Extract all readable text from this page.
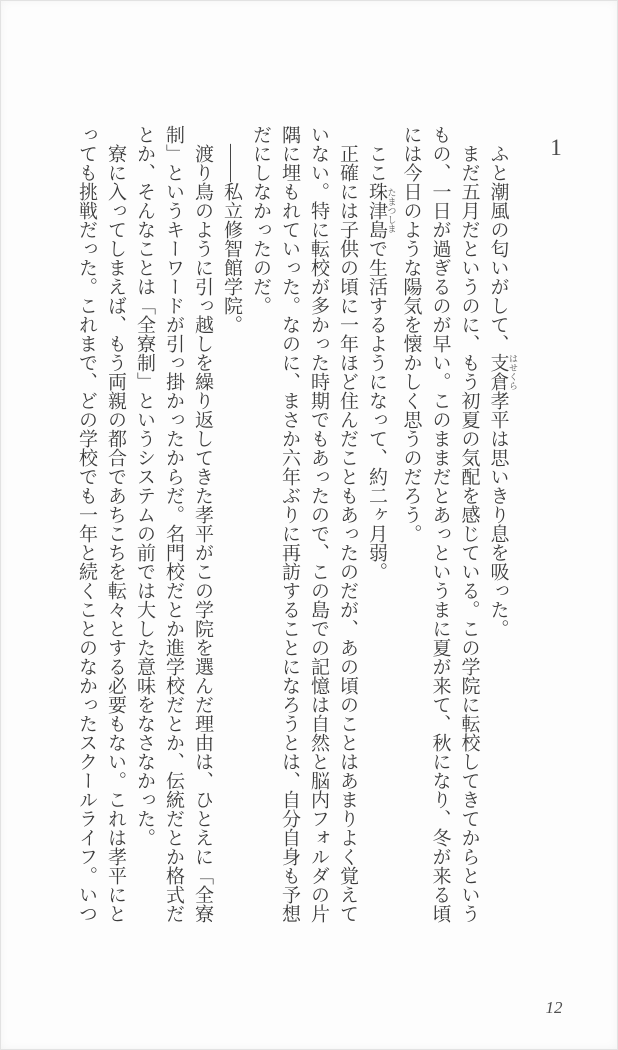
1

　ふと潮風の匂いがして、支倉 はせくら孝平は思いきり息を吸った。

　まだ五月だというのに、もう初夏の気配を感じている。この学院に転校してきてからというもの、一日が過ぎるのが早い。このままだとあっというまに夏が来て、秋になり、冬が来る頃には今日のような陽気を懐かしく思うのだろう。

　ここ珠津島 たまつしまで生活するようになって、約二ヶ月弱。

　正確には子供の頃に一年ほど住んだこともあったのだが、あの頃のことはあまりよく覚えていない。特に転校が多かった時期でもあったので、この島での記憶は自然と脳内フォルダの片隅に埋もれていった。なのに、まさか六年ぶりに再訪することになろうとは、自分自身も予想だにしなかったのだ。

　――私立修智館学院。

　渡り鳥のように引っ越しを繰り返してきた孝平がこの学院を選んだ理由は、ひとえに「全寮制」というキーワードが引っ掛かったからだ。名門校だとか進学校だとか、伝統だとか格式だとか、そんなことは「全寮制」というシステムの前では大した意味をなさなかった。

　寮に入ってしまえば、もう両親の都合であちこちを転々とする必要もない。これは孝平にとっても挑戦だった。これまで、どの学校でも一年と続くことのなかったスクールライフ。いつ

12
